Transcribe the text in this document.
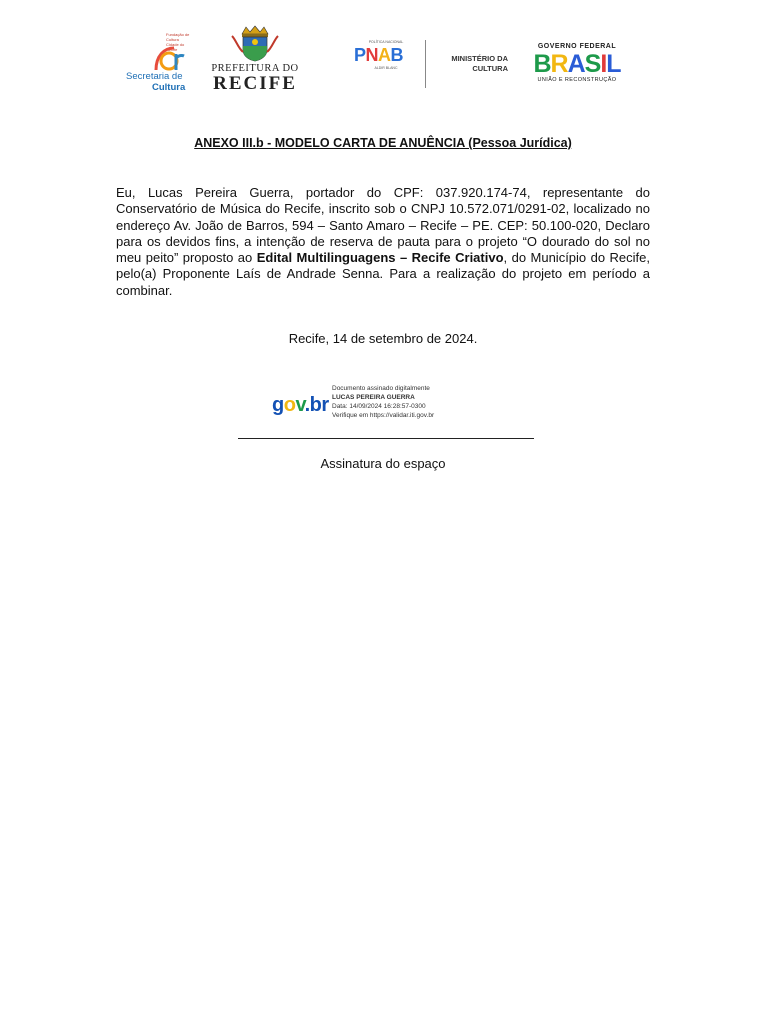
Fundação de Cultura Cidade do Recife
Secretaria de
Cultura
PREFEITURA DO
RECIFE
POLÍTICA NACIONAL
PNAB
ALDIR BLANC
MINISTÉRIO DA
CULTURA
GOVERNO FEDERAL
BRASIL
UNIÃO E RECONSTRUÇÃO
ANEXO III.b - MODELO CARTA DE ANUÊNCIA (Pessoa Jurídica)
Eu, Lucas Pereira Guerra, portador do CPF: 037.920.174-74, representante do Conservatório de Música do Recife, inscrito sob o CNPJ 10.572.071/0291-02, localizado no endereço Av. João de Barros, 594 – Santo Amaro – Recife – PE. CEP: 50.100-020, Declaro para os devidos fins, a intenção de reserva de pauta para o projeto “O dourado do sol no meu peito” proposto ao Edital Multilinguagens – Recife Criativo, do Município do Recife, pelo(a) Proponente Laís de Andrade Senna. Para a realização do projeto em período a combinar.
Recife, 14 de setembro de 2024.
gov.br
Documento assinado digitalmente
LUCAS PEREIRA GUERRA
Data: 14/09/2024 16:28:57-0300
Verifique em https://validar.iti.gov.br
Assinatura do espaço
